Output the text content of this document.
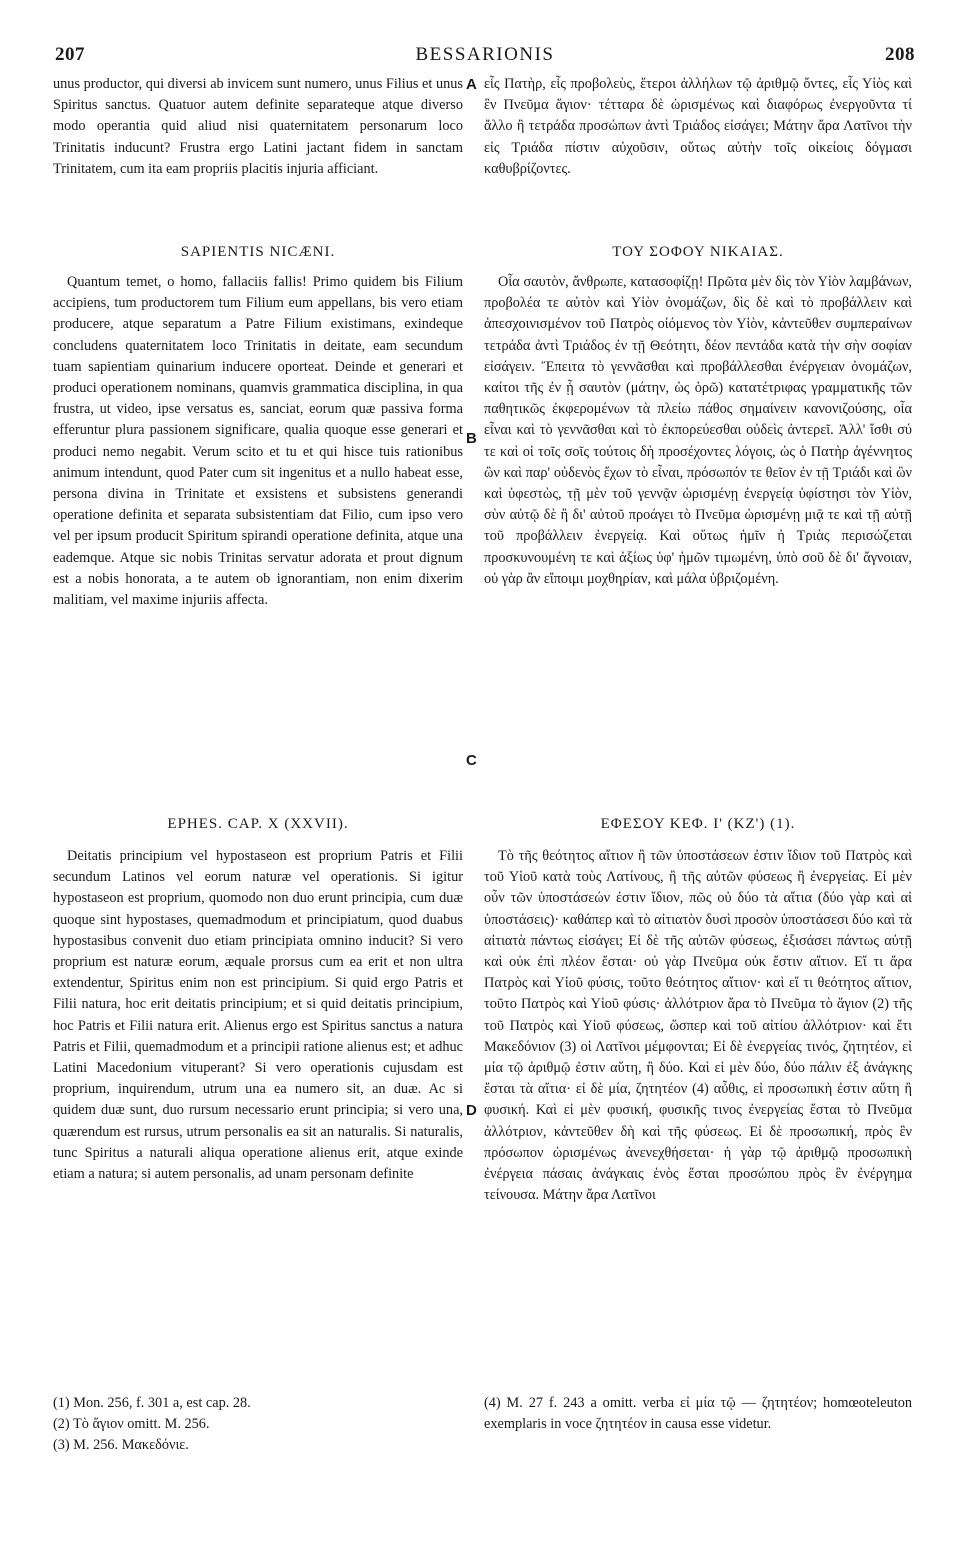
207	BESSARIONIS	208

unus productor, qui diversi ab invicem sunt numero, unus Filius et unus Spiritus sanctus. Quatuor autem definite separateque atque diverso modo operantia quid aliud nisi quaternitatem personarum loco Trinitatis inducunt? Frustra ergo Latini jactant fidem in sanctam Trinitatem, cum ita eam propriis placitis injuria afficiant.

SAPIENTIS NICÆNI.

Quantum temet, o homo, fallaciis fallis! Primo quidem bis Filium accipiens, tum productorem tum Filium eum appellans, bis vero etiam producere, atque separatum a Patre Filium existimans, exindeque concludens quaternitatem loco Trinitatis in deitate, eam secundum tuam sapientiam quinarium inducere oporteat. Deinde et generari et produci operationem nominans, quamvis grammatica disciplina, in qua frustra, ut video, ipse versatus es, sanciat, eorum quæ passiva forma efferuntur plura passionem significare, qualia quoque esse generari et produci nemo negabit. Verum scito et tu et qui hisce tuis rationibus animum intendunt, quod Pater cum sit ingenitus et a nullo habeat esse, persona divina in Trinitate et exsistens et subsistens generandi operatione definita et separata subsistentiam dat Filio, cum ipso vero vel per ipsum producit Spiritum spirandi operatione definita, atque una eademque. Atque sic nobis Trinitas servatur adorata et prout dignum est a nobis honorata, a te autem ob ignorantiam, non enim dixerim malitiam, vel maxime injuriis affecta.

EPHES. CAP. X (XXVII).

Deitatis principium vel hypostaseon est proprium Patris et Filii secundum Latinos vel eorum naturæ vel operationis. Si igitur hypostaseon est proprium, quomodo non duo erunt principia, cum duæ quoque sint hypostases, quemadmodum et principiatum, quod duabus hypostasibus convenit duo etiam principiata omnino inducit? Si vero proprium est naturæ eorum, æquale prorsus cum ea erit et non ultra extendentur, Spiritus enim non est principium. Si quid ergo Patris et Filii natura, hoc erit deitatis principium; et si quid deitatis principium, hoc Patris et Filii natura erit. Alienus ergo est Spiritus sanctus a natura Patris et Filii, quemadmodum et a principii ratione alienus est; et adhuc Latini Macedonium vituperant? Si vero operationis cujusdam est proprium, inquirendum, utrum una ea numero sit, an duæ. Ac si quidem duæ sunt, duo rursum necessario erunt principia; si vero una, quærendum est rursus, utrum personalis ea sit an naturalis. Si naturalis, tunc Spiritus a naturali aliqua operatione alienus erit, atque exinde etiam a natura; si autem personalis, ad unam personam definite

(1) Mon. 256, f. 301 a, est cap. 28.

(2) Τὸ ἅγιον omitt. M. 256.

(3) M. 256. Μακεδόνιε.

A
B
C
D

εἷς Πατὴρ, εἷς προβολεὺς, ἕτεροι ἀλλήλων τῷ ἀριθμῷ ὄντες, εἷς Υἱὸς καὶ ἓν Πνεῦμα ἅγιον· τέτταρα δὲ ὡρισμένως καὶ διαφόρως ἐνεργοῦντα τί ἄλλο ἢ τετράδα προσώπων ἀντὶ Τριάδος εἰσάγει; Μάτην ἄρα Λατῖνοι τὴν εἰς Τριάδα πίστιν αὐχοῦσιν, οὕτως αὐτὴν τοῖς οἰκείοις δόγμασι καθυβρίζοντες.

ΤΟΥ ΣΟΦΟΥ ΝΙΚΑΙΑΣ.

Οἷα σαυτὸν, ἄνθρωπε, κατασοφίζῃ! Πρῶτα μὲν δὶς τὸν Υἱὸν λαμβάνων, προβολέα τε αὐτὸν καὶ Υἱὸν ὀνομάζων, δὶς δὲ καὶ τὸ προβάλλειν καὶ ἀπεσχοινισμένον τοῦ Πατρὸς οἰόμενος τὸν Υἱὸν, κἀντεῦθεν συμπεραίνων τετράδα ἀντὶ Τριάδος ἐν τῇ Θεότητι, δέον πεντάδα κατὰ τὴν σὴν σοφίαν εἰσάγειν. Ἔπειτα τὸ γεννᾶσθαι καὶ προβάλλεσθαι ἐνέργειαν ὀνομάζων, καίτοι τῆς ἐν ᾗ σαυτὸν (μάτην, ὡς ὁρῶ) κατατέτριφας γραμματικῆς τῶν παθητικῶς ἐκφερομένων τὰ πλείω πάθος σημαίνειν κανονιζούσης, οἷα εἶναι καὶ τὸ γεννᾶσθαι καὶ τὸ ἐκπορεύεσθαι οὐδεὶς ἀντερεῖ. Ἀλλ' ἴσθι σύ τε καὶ οἱ τοῖς σοῖς τούτοις δὴ προσέχοντες λόγοις, ὡς ὁ Πατὴρ ἀγέννητος ὢν καὶ παρ' οὐδενὸς ἔχων τὸ εἶναι, πρόσωπόν τε θεῖον ἐν τῇ Τριάδι καὶ ὢν καὶ ὑφεστὼς, τῇ μὲν τοῦ γεννᾷν ὡρισμένῃ ἐνεργείᾳ ὑφίστησι τὸν Υἱὸν, σὺν αὐτῷ δὲ ἢ δι' αὐτοῦ προάγει τὸ Πνεῦμα ὡρισμένῃ μιᾷ τε καὶ τῇ αὐτῇ τοῦ προβάλλειν ἐνεργείᾳ. Καὶ οὕτως ἡμῖν ἡ Τριὰς περισώζεται προσκυνουμένη τε καὶ ἀξίως ὑφ' ἡμῶν τιμωμένη, ὑπὸ σοῦ δὲ δι' ἄγνοιαν, οὐ γὰρ ἂν εἴποιμι μοχθηρίαν, καὶ μάλα ὑβριζομένη.

ΕΦΕΣΟΥ ΚΕΦ. Ι' (ΚΖ') (1).

Τὸ τῆς θεότητος αἴτιον ἢ τῶν ὑποστάσεων ἐστιν ἴδιον τοῦ Πατρὸς καὶ τοῦ Υἱοῦ κατὰ τοὺς Λατίνους, ἢ τῆς αὐτῶν φύσεως ἢ ἐνεργείας. Εἰ μὲν οὖν τῶν ὑποστάσεών ἐστιν ἴδιον, πῶς οὐ δύο τὰ αἴτια (δύο γὰρ καὶ αἱ ὑποστάσεις)· καθάπερ καὶ τὸ αἰτιατὸν δυσὶ προσὸν ὑποστάσεσι δύο καὶ τὰ αἰτιατὰ πάντως εἰσάγει; Εἰ δὲ τῆς αὐτῶν φύσεως, ἐξισάσει πάντως αὐτῇ καὶ οὐκ ἐπὶ πλέον ἔσται· οὐ γὰρ Πνεῦμα οὐκ ἔστιν αἴτιον. Εἴ τι ἄρα Πατρὸς καὶ Υἱοῦ φύσις, τοῦτο θεότητος αἴτιον· καὶ εἴ τι θεότητος αἴτιον, τοῦτο Πατρὸς καὶ Υἱοῦ φύσις· ἀλλότριον ἄρα τὸ Πνεῦμα τὸ ἅγιον (2) τῆς τοῦ Πατρὸς καὶ Υἱοῦ φύσεως, ὥσπερ καὶ τοῦ αἰτίου ἀλλότριον· καὶ ἔτι Μακεδόνιον (3) οἱ Λατῖνοι μέμφονται; Εἰ δὲ ἐνεργείας τινός, ζητητέον, εἰ μία τῷ ἀριθμῷ ἐστιν αὕτη, ἢ δύο. Καὶ εἰ μὲν δύο, δύο πάλιν ἐξ ἀνάγκης ἔσται τὰ αἴτια· εἰ δὲ μία, ζητητέον (4) αὖθις, εἰ προσωπικὴ ἐστιν αὕτη ἢ φυσική. Καὶ εἰ μὲν φυσική, φυσικῆς τινος ἐνεργείας ἔσται τὸ Πνεῦμα ἀλλότριον, κἀντεῦθεν δὴ καὶ τῆς φύσεως. Εἰ δὲ προσωπική, πρὸς ἓν πρόσωπον ὡρισμένως ἀνενεχθήσεται· ἡ γὰρ τῷ ἀριθμῷ προσωπικὴ ἐνέργεια πάσαις ἀνάγκαις ἑνὸς ἔσται προσώπου πρὸς ἓν ἐνέργημα τείνουσα. Μάτην ἄρα Λατῖνοι

(4) M. 27 f. 243 a omitt. verba εἰ μία τῷ — ζητητέον; homœoteleuton exemplaris in voce ζητητέον in causa esse videtur.
